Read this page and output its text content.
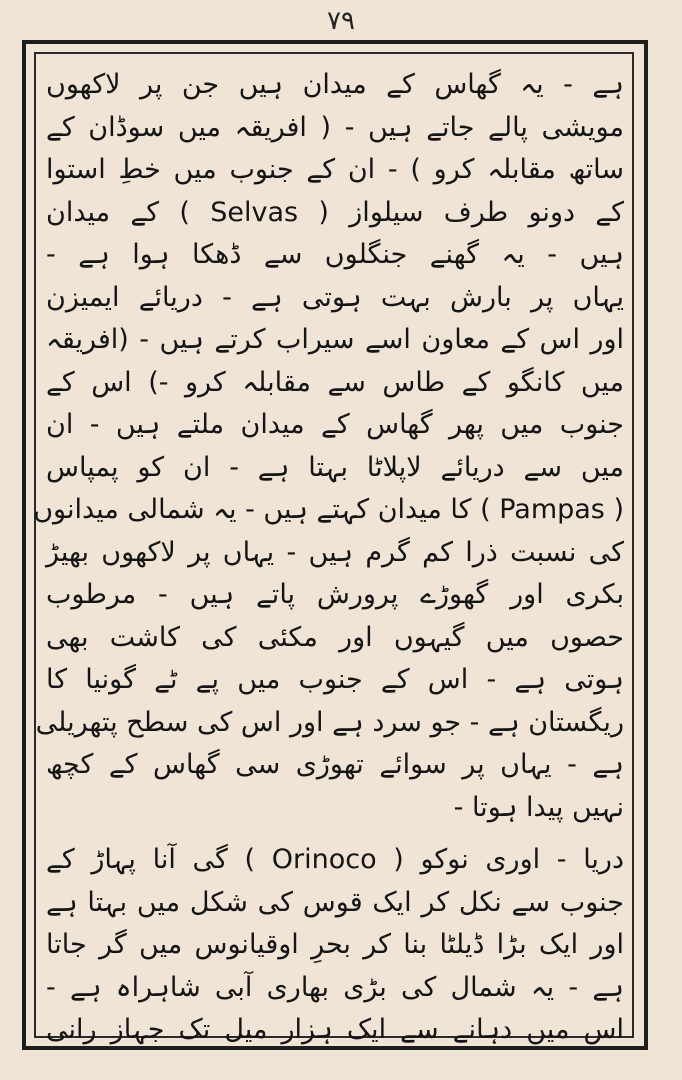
۷۹
ہے - یہ گھاس کے میدان ہیں جن پر لاکھوں
مویشی پالے جاتے ہیں - ( افریقہ میں سوڈان کے
ساتھ مقابلہ کرو ) - ان کے جنوب میں خطِ استوا
کے دونو طرف سیلواز ( Selvas ) کے میدان
ہیں - یہ گھنے جنگلوں سے ڈھکا ہوا ہے -
یہاں پر بارش بہت ہوتی ہے - دریائے ایمیزن
اور اس کے معاون اسے سیراب کرتے ہیں - (افریقہ
میں کانگو کے طاس سے مقابلہ کرو -) اس کے
جنوب میں پھر گھاس کے میدان ملتے ہیں - ان
میں سے دریائے لاپلاٹا بہتا ہے - ان کو پمپاس
( Pampas ) کا میدان کہتے ہیں - یہ شمالی میدانوں
کی نسبت ذرا کم گرم ہیں - یہاں پر لاکھوں بھیڑ
بکری اور گھوڑے پرورش پاتے ہیں - مرطوب
حصوں میں گیہوں اور مکئی کی کاشت بھی
ہوتی ہے - اس کے جنوب میں پے ٹے گونیا کا
ریگستان ہے - جو سرد ہے اور اس کی سطح پتھریلی
ہے - یہاں پر سوائے تھوڑی سی گھاس کے کچھ
نہیں پیدا ہوتا -
دریا - اوری نوکو ( Orinoco ) گی آنا پہاڑ کے
جنوب سے نکل کر ایک قوس کی شکل میں بہتا ہے
اور ایک بڑا ڈیلٹا بنا کر بحرِ اوقیانوس میں گر جاتا
ہے - یہ شمال کی بڑی بھاری آبی شاہراہ ہے -
اس میں دہانے سے ایک ہزار میل تک جہاز رانی
